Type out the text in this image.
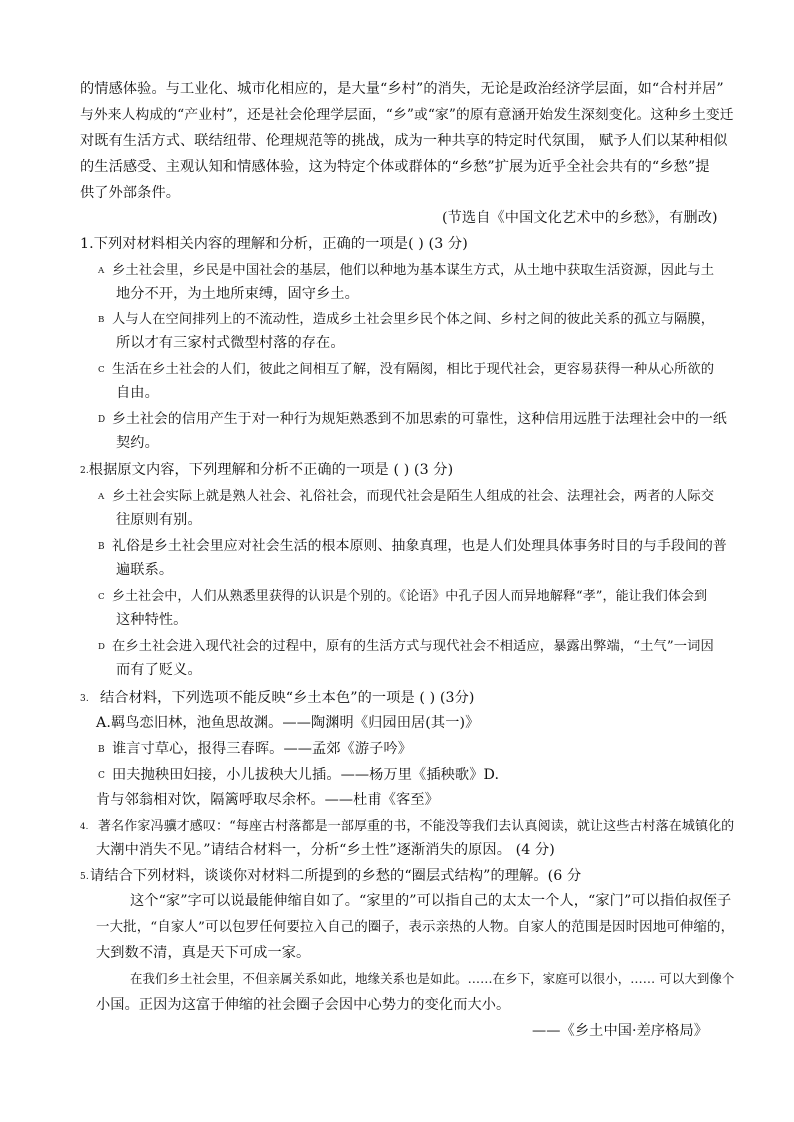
的情感体验。与工业化、城市化相应的，是大量“乡村”的消失，无论是政治经济学层面，如“合村并居”
与外来人构成的“产业村”，还是社会伦理学层面，“乡”或“家”的原有意涵开始发生深刻变化。这种乡土变迁
对既有生活方式、联结纽带、伦理规范等的挑战，成为一种共享的特定时代氛围， 赋予人们以某种相似
的生活感受、主观认知和情感体验，这为特定个体或群体的“乡愁”扩展为近乎全社会共有的“乡愁”提
供了外部条件。
(节选自《中国文化艺术中的乡愁》，有删改)
1.下列对材料相关内容的理解和分析，正确的一项是( ) (3 分)
A 乡土社会里，乡民是中国社会的基层，他们以种地为基本谋生方式，从土地中获取生活资源，因此与土
地分不开，为土地所束缚，固守乡土。
B 人与人在空间排列上的不流动性，造成乡土社会里乡民个体之间、乡村之间的彼此关系的孤立与隔膜，
所以才有三家村式微型村落的存在。
C 生活在乡土社会的人们，彼此之间相互了解，没有隔阂，相比于现代社会，更容易获得一种从心所欲的
自由。
D 乡土社会的信用产生于对一种行为规矩熟悉到不加思索的可靠性，这种信用远胜于法理社会中的一纸
契约。
2.根据原文内容，下列理解和分析不正确的一项是 ( ) (3 分)
A 乡土社会实际上就是熟人社会、礼俗社会，而现代社会是陌生人组成的社会、法理社会，两者的人际交
往原则有别。
B 礼俗是乡土社会里应对社会生活的根本原则、抽象真理，也是人们处理具体事务时目的与手段间的普
遍联系。
C 乡土社会中，人们从熟悉里获得的认识是个别的。《论语》中孔子因人而异地解释“孝”，能让我们体会到
这种特性。
D 在乡土社会进入现代社会的过程中，原有的生活方式与现代社会不相适应，暴露出弊端，“土气”一词因
而有了贬义。
3. 结合材料，下列选项不能反映“乡土本色”的一项是 ( ) (3分)
A.羁鸟恋旧林，池鱼思故渊。——陶渊明《归园田居(其一)》
B 谁言寸草心，报得三春晖。——孟郊《游子吟》
C 田夫抛秧田妇接，小儿拔秧大儿插。——杨万里《插秧歌》D.
肯与邻翁相对饮，隔篱呼取尽余杯。——杜甫《客至》
4. 著名作家冯骥才感叹：“每座古村落都是一部厚重的书，不能没等我们去认真阅读，就让这些古村落在城镇化的
大潮中消失不见。”请结合材料一，分析“乡土性”逐渐消失的原因。 (4 分)
5.请结合下列材料，谈谈你对材料二所提到的乡愁的“圈层式结构”的理解。(6 分
这个“家”字可以说最能伸缩自如了。“家里的”可以指自己的太太一个人，“家门”可以指伯叔侄子
一大批，“自家人”可以包罗任何要拉入自己的圈子，表示亲热的人物。自家人的范围是因时因地可伸缩的，
大到数不清，真是天下可成一家。
在我们乡土社会里，不但亲属关系如此，地缘关系也是如此。……在乡下，家庭可以很小，…… 可以大到像个
小国。正因为这富于伸缩的社会圈子会因中心势力的变化而大小。
——《乡土中国·差序格局》
